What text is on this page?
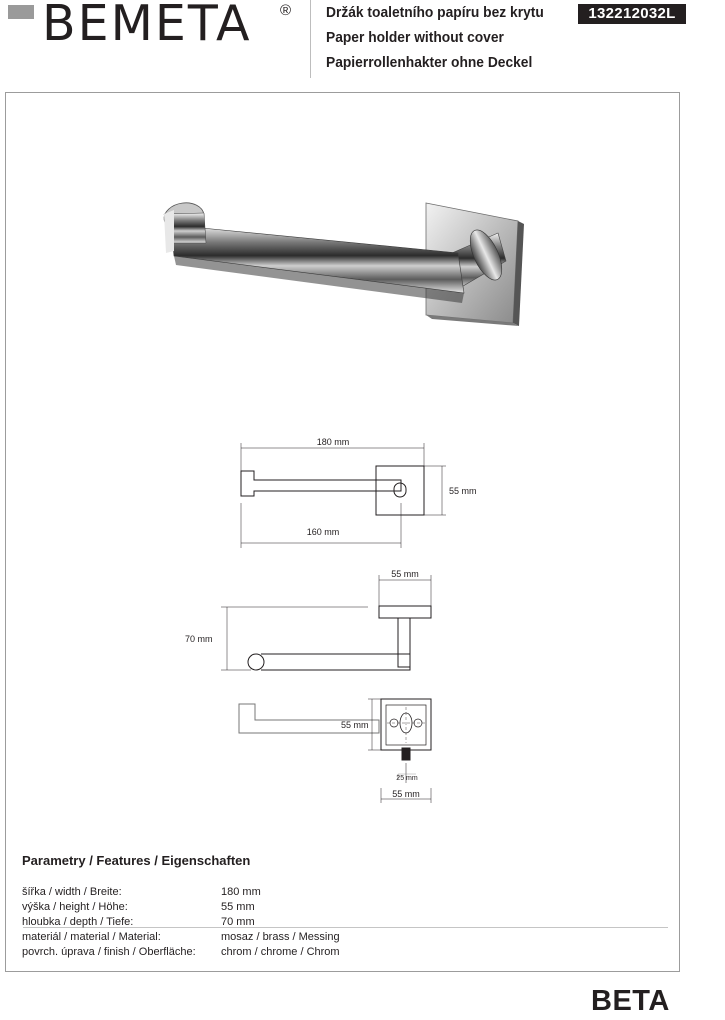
BEMETA ® Držák toaletního papíru bez krytu
Paper holder without cover
Papierrollenhakter ohne Deckel
132212032L
180 mm
55 mm
160 mm
55 mm
70 mm
55 mm
25 mm
55 mm
Parametry / Features / Eigenschaften
šířka / width / Breite:	180 mm
výška / height / Höhe:	55 mm
hloubka / depth / Tiefe:	70 mm
materiál / material / Material:	mosaz / brass / Messing
povrch. úprava / finish / Oberfläche:	chrom / chrome / Chrom
BETA
